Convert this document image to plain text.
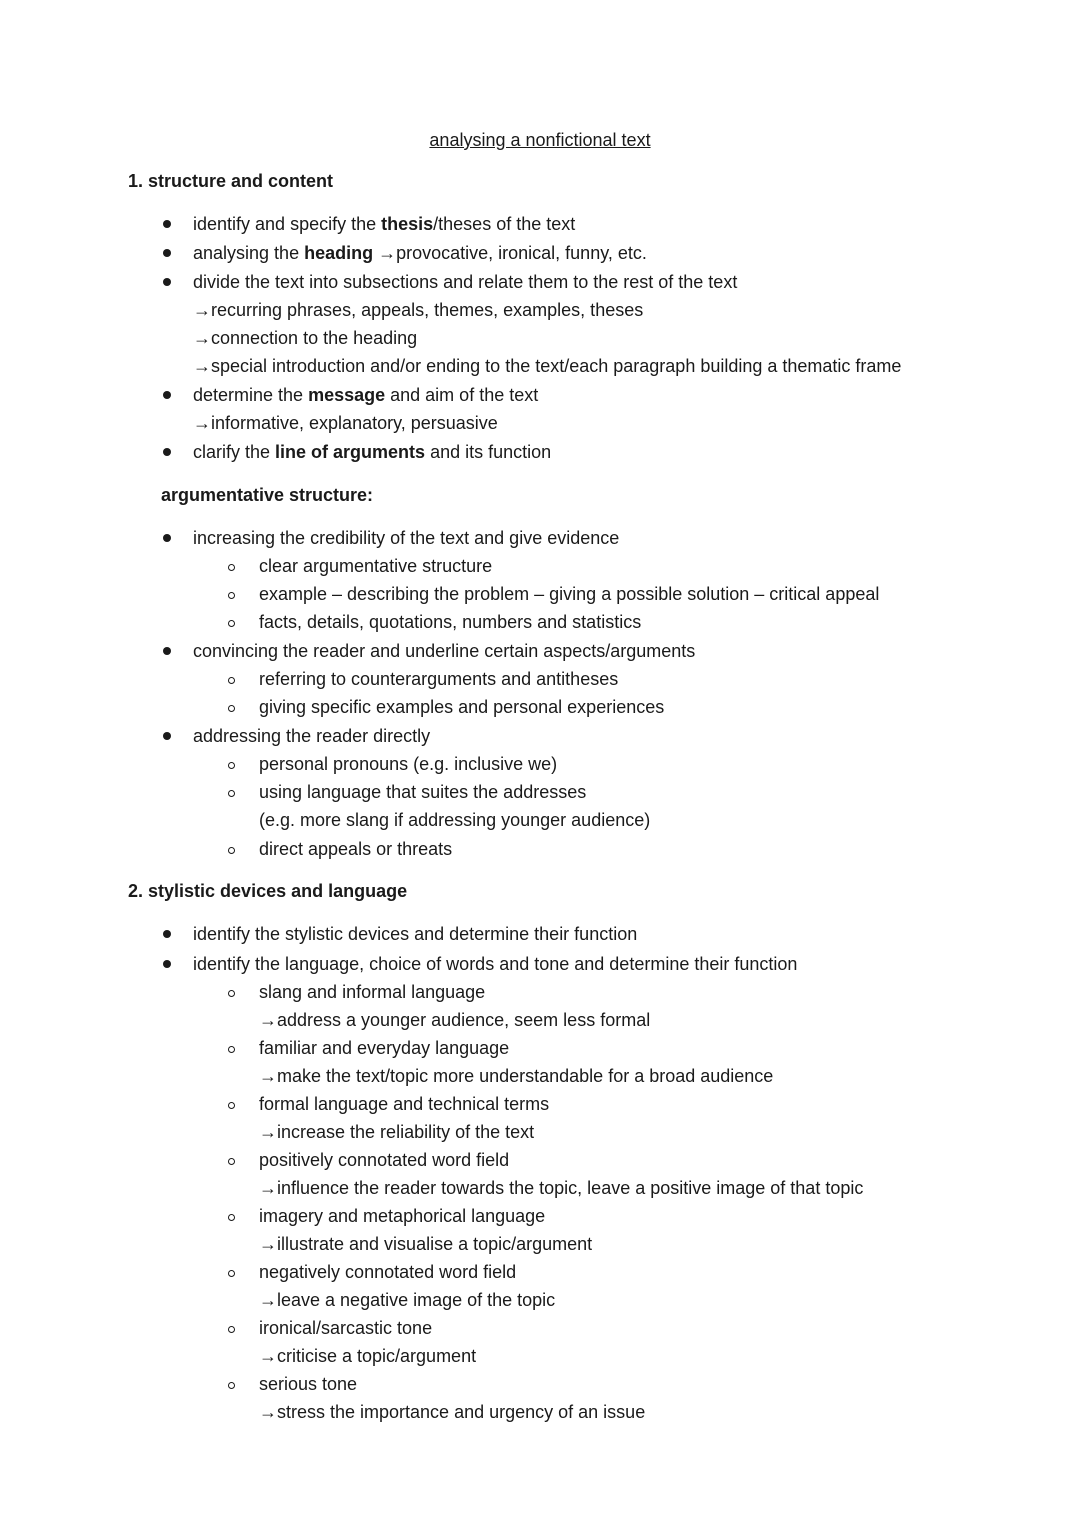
analysing a nonfictional text
1. structure and content
identify and specify the thesis/theses of the text
analysing the heading →provocative, ironical, funny, etc.
divide the text into subsections and relate them to the rest of the text
→recurring phrases, appeals, themes, examples, theses
→connection to the heading
→special introduction and/or ending to the text/each paragraph building a thematic frame
determine the message and aim of the text
→informative, explanatory, persuasive
clarify the line of arguments and its function
argumentative structure:
increasing the credibility of the text and give evidence
clear argumentative structure
example – describing the problem – giving a possible solution – critical appeal
facts, details, quotations, numbers and statistics
convincing the reader and underline certain aspects/arguments
referring to counterarguments and antitheses
giving specific examples and personal experiences
addressing the reader directly
personal pronouns (e.g. inclusive we)
using language that suites the addresses
(e.g. more slang if addressing younger audience)
direct appeals or threats
2. stylistic devices and language
identify the stylistic devices and determine their function
identify the language, choice of words and tone and determine their function
slang and informal language
→address a younger audience, seem less formal
familiar and everyday language
→make the text/topic more understandable for a broad audience
formal language and technical terms
→increase the reliability of the text
positively connotated word field
→influence the reader towards the topic, leave a positive image of that topic
imagery and metaphorical language
→illustrate and visualise a topic/argument
negatively connotated word field
→leave a negative image of the topic
ironical/sarcastic tone
→criticise a topic/argument
serious tone
→stress the importance and urgency of an issue
